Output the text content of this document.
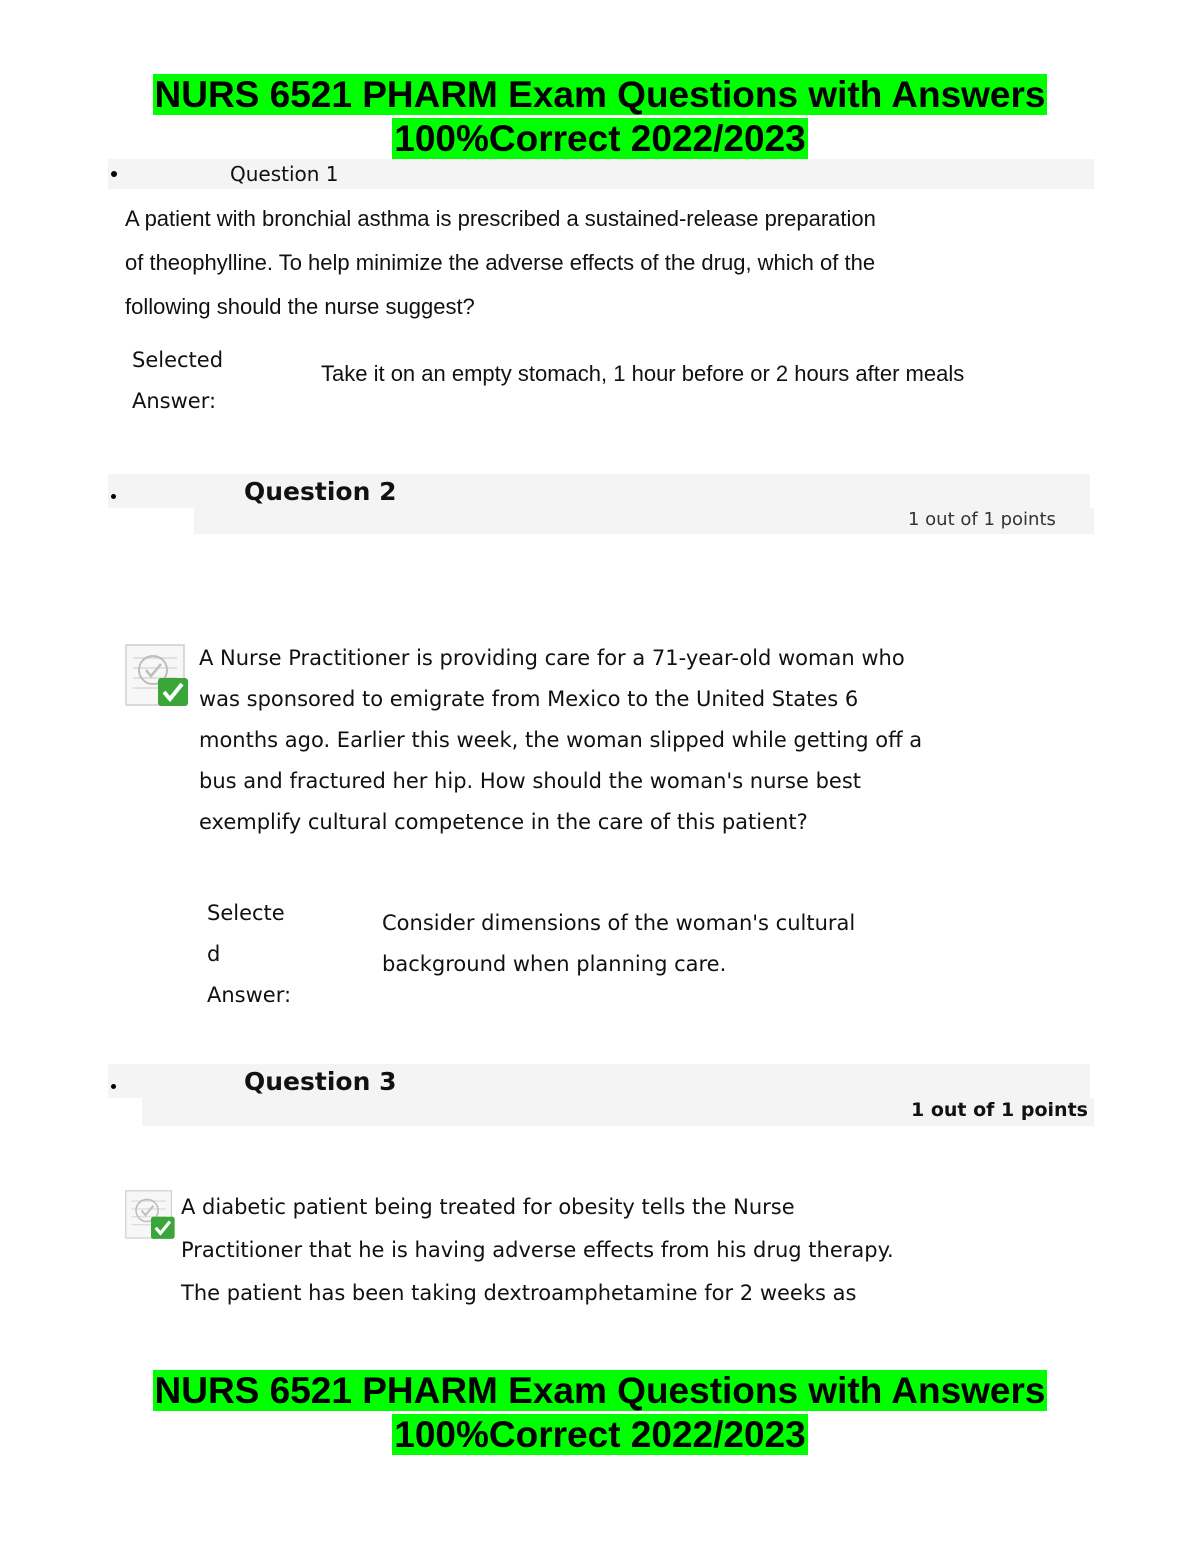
NURS 6521 PHARM Exam Questions with Answers
100%Correct 2022/2023
Question 1
A patient with bronchial asthma is prescribed a sustained-release preparation
of theophylline. To help minimize the adverse effects of the drug, which of the
following should the nurse suggest?
Selected
Answer:
Take it on an empty stomach, 1 hour before or 2 hours after meals
Question 2
1 out of 1 points
A Nurse Practitioner is providing care for a 71-year-old woman who
was sponsored to emigrate from Mexico to the United States 6
months ago. Earlier this week, the woman slipped while getting off a
bus and fractured her hip. How should the woman's nurse best
exemplify cultural competence in the care of this patient?
Selecte
d
Answer:
Consider dimensions of the woman's cultural
background when planning care.
Question 3
1 out of 1 points
A diabetic patient being treated for obesity tells the Nurse
Practitioner that he is having adverse effects from his drug therapy.
The patient has been taking dextroamphetamine for 2 weeks as
NURS 6521 PHARM Exam Questions with Answers
100%Correct 2022/2023
